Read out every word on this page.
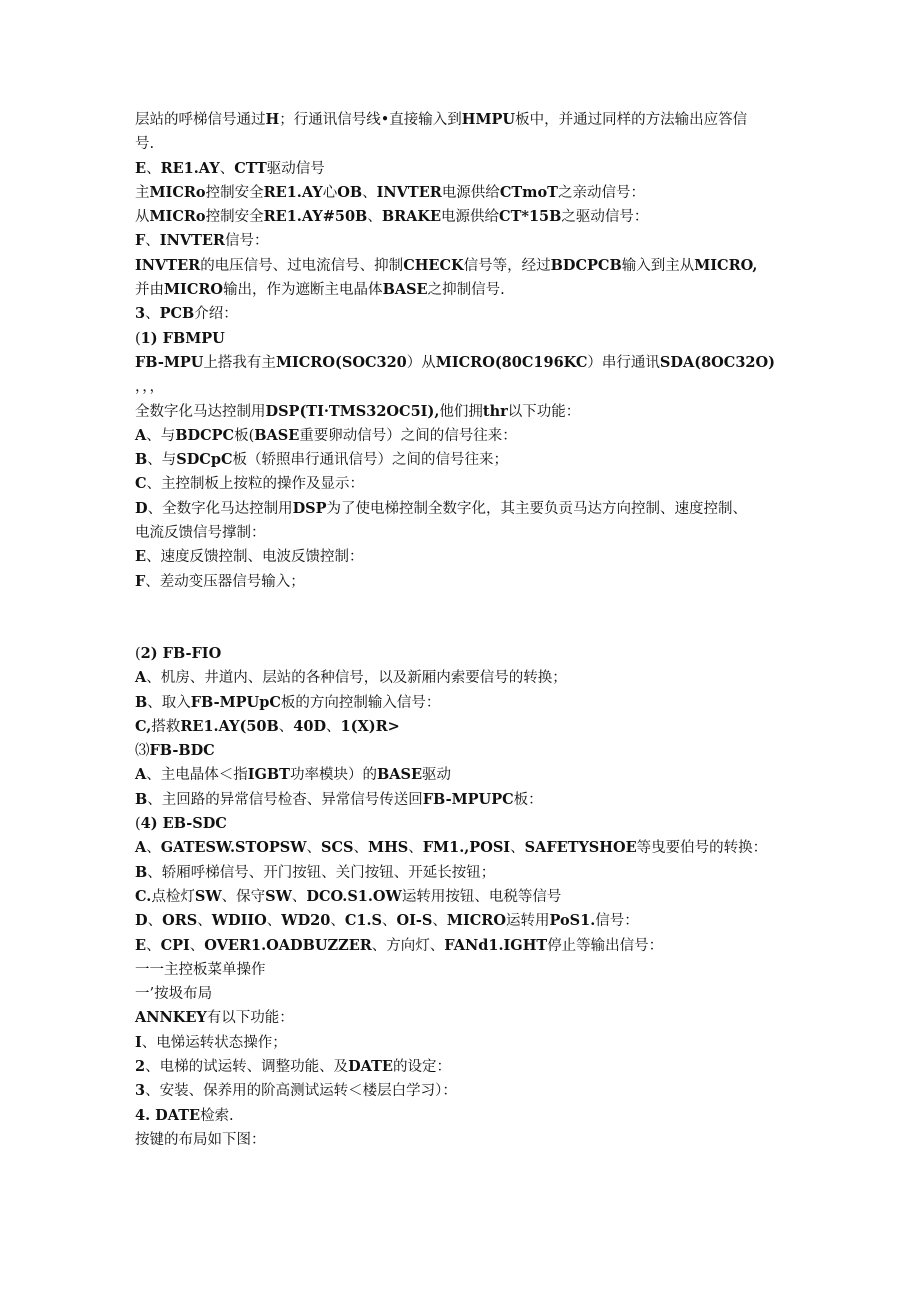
层站的呼梯信号通过H；行通讯信号线•直接输入到HMPU板中，并通过同样的方法输出应答信
号.
E、RE1.AY、CTT驱动信号
主MICRo控制安全RE1.AY心OB、INVTER电源供给CTmoT之亲动信号：
从MICRo控制安全RE1.AY#50B、BRAKE电源供给CT*15B之驱动信号：
F、INVTER信号：
INVTER的电压信号、过电流信号、抑制CHECK信号等，经过BDCPCB输入到主从MICRO,
并由MICRO输出，作为遮断主电晶体BASE之抑制信号.
3、PCB介绍：
(1) FBMPU
FB-MPU上搭我有主MICRO(SOC320）从MICRO(80C196KC）串行通讯SDA(8OC32O)
，，，
全数字化马达控制用DSP(TI·TMS32OC5I),他们拥thr以下功能：
A、与BDCPC板(BASE重要卵动信号）之间的信号往来：
B、与SDCpC板（轿照串行通讯信号）之间的信号往来；
C、主控制板上按粒的操作及显示：
D、全数字化马达控制用DSP为了使电梯控制全数字化，其主要负贡马达方向控制、速度控制、
电流反馈信号撑制：
E、速度反馈控制、电波反馈控制：
F、差动变压器信号输入；
(2) FB-FIO
A、机房、井道内、层站的各种信号，以及新厢内索要信号的转换；
B、取入FB-MPUpC板的方向控制输入信号：
C,搭救RE1.AY(50B、40D、1(X)R>
⑶FB-BDC
A、主电晶体＜指IGBT功率模块）的BASE驱动
B、主回路的异常信号检杳、异常信号传送回FB-MPUPC板：
(4) EB-SDC
A、GATESW.STOPSW、SCS、MHS、FM1.,POSI、SAFETYSHOE等曳要伯号的转换：
B、轿厢呼梯信号、开门按钮、关门按钮、开延长按钮；
C.点检灯SW、保守SW、DCO.S1.OW运转用按钮、电税等信号
D、ORS、WDIIO、WD20、C1.S、OI-S、MICRO运转用PoS1.信号：
E、CPI、OVER1.OADBUZZER、方向灯、FANd1.IGHT停止等输出信号：
一一主控板菜单操作
一’按圾布局
ANNKEY有以下功能：
I、电悌运转状态操作；
2、电梯的试运转、调整功能、及DATE的设定：
3、安装、保养用的阶高测试运转＜楼层白学习）：
4. DATE检索.
按键的布局如下图：
